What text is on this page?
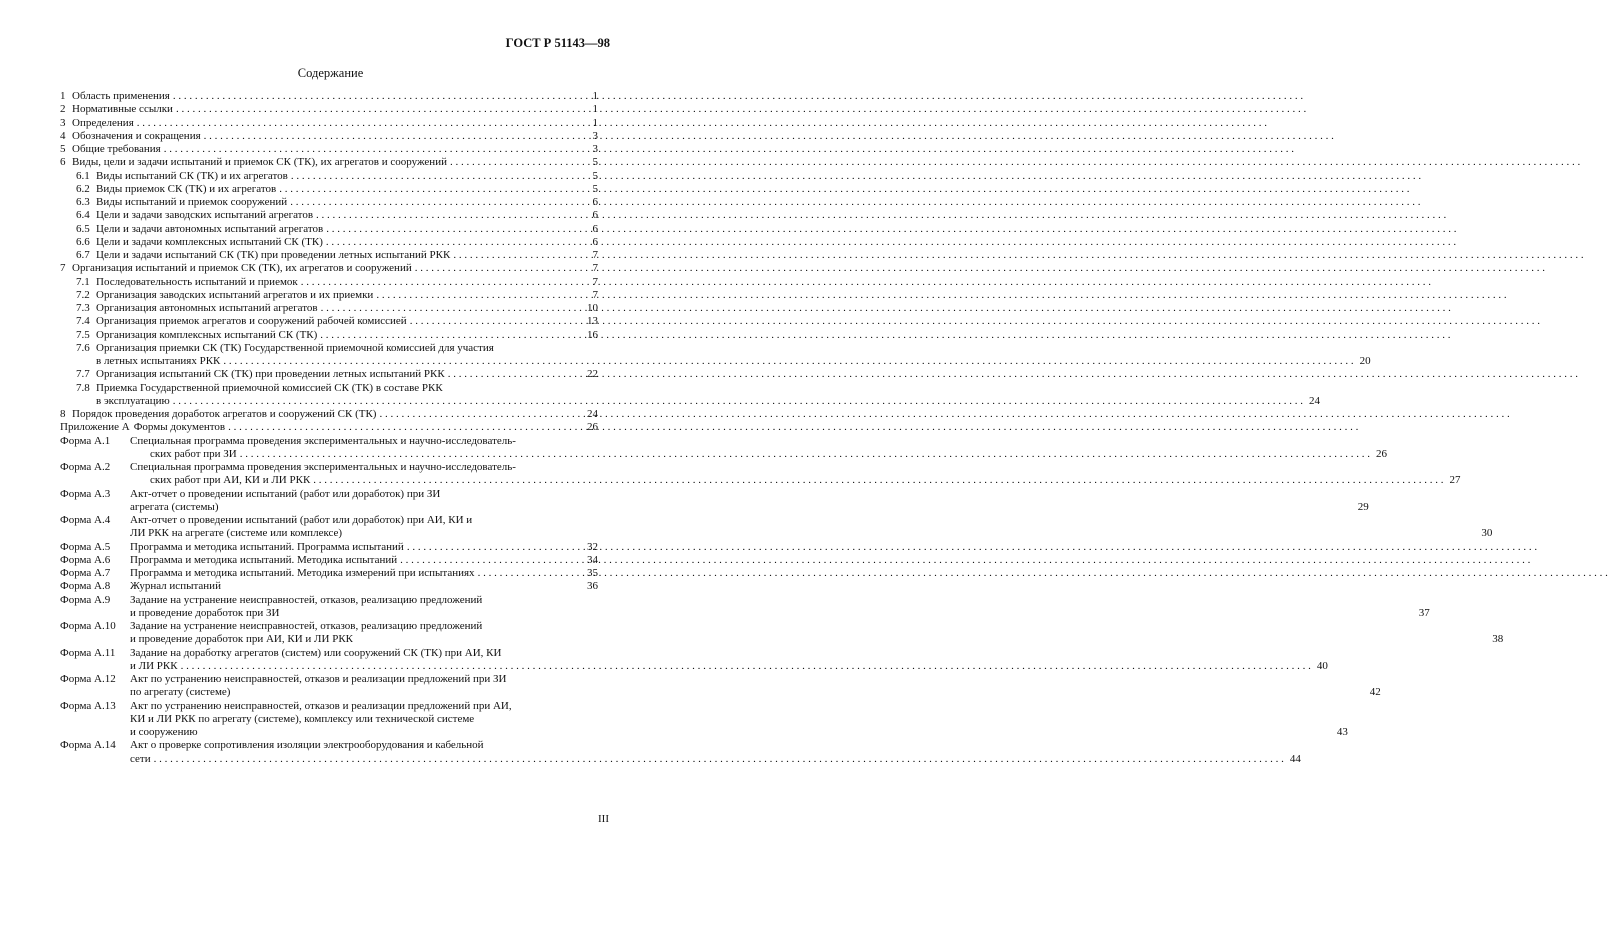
ГОСТ Р 51143—98
Содержание
1 Область применения . . .	1
2 Нормативные ссылки . . .	1
3 Определения . . .	1
4 Обозначения и сокращения . . .	3
5 Общие требования . . .	3
6 Виды, цели и задачи испытаний и приемок СК (ТК), их агрегатов и сооружений . . .	5
6.1 Виды испытаний СК (ТК) и их агрегатов . . .	5
6.2 Виды приемок СК (ТК) и их агрегатов . . .	5
6.3 Виды испытаний и приемок сооружений . . .	6
6.4 Цели и задачи заводских испытаний агрегатов . . .	6
6.5 Цели и задачи автономных испытаний агрегатов . . .	6
6.6 Цели и задачи комплексных испытаний СК (ТК) . . .	6
6.7 Цели и задачи испытаний СК (ТК) при проведении летных испытаний РКК . . .	7
7 Организация испытаний и приемок СК (ТК), их агрегатов и сооружений . . .	7
7.1 Последовательность испытаний и приемок . . .	7
7.2 Организация заводских испытаний агрегатов и их приемки . . .	7
7.3 Организация автономных испытаний агрегатов . . .	10
7.4 Организация приемок агрегатов и сооружений рабочей комиссией . . .	13
7.5 Организация комплексных испытаний СК (ТК) . . .	16
7.6 Организация приемки СК (ТК) Государственной приемочной комиссией для участия
в летных испытаниях РКК . . .	20
7.7 Организация испытаний СК (ТК) при проведении летных испытаний РКК . . .	22
7.8 Приемка Государственной приемочной комиссией СК (ТК) в составе РКК
в эксплуатацию . . .	24
8 Порядок проведения доработок агрегатов и сооружений СК (ТК) . . .	24
Приложение А Формы документов . . .	26
Форма А.1	Специальная программа проведения экспериментальных и научно-исследователь-
ских работ при ЗИ . . .	26
Форма А.2	Специальная программа проведения экспериментальных и научно-исследователь-
ских работ при АИ, КИ и ЛИ РКК . . .	27
Форма А.3	Акт-отчет о проведении испытаний (работ или доработок) при ЗИ
агрегата (системы)	29
Форма А.4	Акт-отчет о проведении испытаний (работ или доработок) при АИ, КИ и
ЛИ РКК на агрегате (системе или комплексе)	30
Форма А.5	Программа и методика испытаний. Программа испытаний . . .	32
Форма А.6	Программа и методика испытаний. Методика испытаний . . .	34
Форма А.7	Программа и методика испытаний. Методика измерений при испытаниях . . .	35
Форма А.8	Журнал испытаний	36
Форма А.9	Задание на устранение неисправностей, отказов, реализацию предложений
и проведение доработок при ЗИ	37
Форма А.10	Задание на устранение неисправностей, отказов, реализацию предложений
и проведение доработок при АИ, КИ и ЛИ РКК	38
Форма А.11	Задание на доработку агрегатов (систем) или сооружений СК (ТК) при АИ, КИ
и ЛИ РКК . . .	40
Форма А.12	Акт по устранению неисправностей, отказов и реализации предложений при ЗИ
по агрегату (системе)	42
Форма А.13	Акт по устранению неисправностей, отказов и реализации предложений при АИ,
КИ и ЛИ РКК по агрегату (системе), комплексу или технической системе
и сооружению	43
Форма А.14	Акт о проверке сопротивления изоляции электрооборудования и кабельной
сети . . .	44
III
